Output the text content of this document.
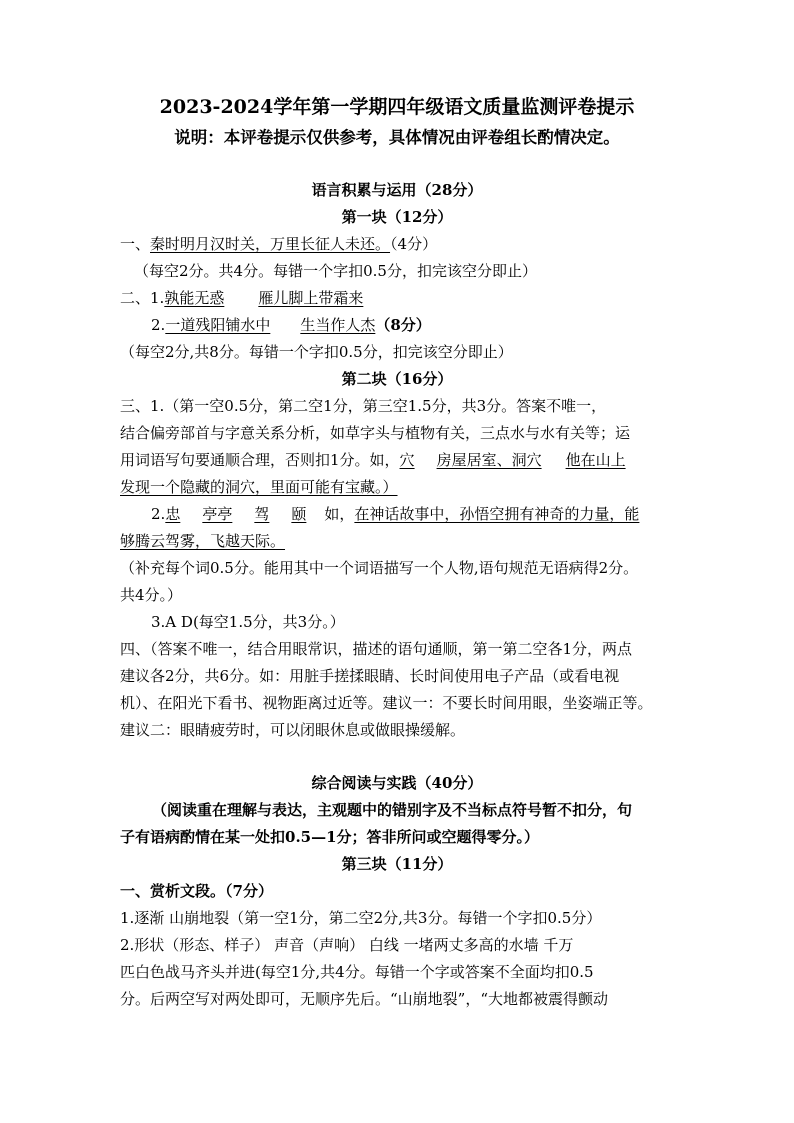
2023-2024学年第一学期四年级语文质量监测评卷提示
说明：本评卷提示仅供参考，具体情况由评卷组长酌情决定。
语言积累与运用（28分）
第一块（12分）
一、秦时明月汉时关，万里长征人未还。（4分）
（每空2分。共4分。每错一个字扣0.5分，扣完该空分即止）
二、1.孰能无惑 雁儿脚上带霜来
2.一道残阳铺水中 生当作人杰（8分）
（每空2分,共8分。每错一个字扣0.5分，扣完该空分即止）
第二块（16分）
三、1.（第一空0.5分，第二空1分，第三空1.5分，共3分。答案不唯一，
结合偏旁部首与字意关系分析，如草字头与植物有关，三点水与水有关等；运
用词语写句要通顺合理，否则扣1分。如，穴 房屋居室、洞穴 他在山上
发现一个隐藏的洞穴，里面可能有宝藏。）
2.忠 亭亭 驾 颐 如，在神话故事中，孙悟空拥有神奇的力量，能
够腾云驾雾，飞越天际。
（补充每个词0.5分。能用其中一个词语描写一个人物,语句规范无语病得2分。
共4分。）
3.A D(每空1.5分，共3分。）
四、（答案不唯一，结合用眼常识，描述的语句通顺，第一第二空各1分，两点
建议各2分，共6分。如：用脏手搓揉眼睛、长时间使用电子产品（或看电视
机）、在阳光下看书、视物距离过近等。建议一：不要长时间用眼，坐姿端正等。
建议二：眼睛疲劳时，可以闭眼休息或做眼操缓解。
综合阅读与实践（40分）
（阅读重在理解与表达，主观题中的错别字及不当标点符号暂不扣分，句
子有语病酌情在某一处扣0.5—1分；答非所问或空题得零分。）
第三块（11分）
一、赏析文段。（7分）
1.逐渐 山崩地裂（第一空1分，第二空2分,共3分。每错一个字扣0.5分）
2.形状（形态、样子） 声音（声响） 白线 一堵两丈多高的水墙 千万
匹白色战马齐头并进(每空1分,共4分。每错一个字或答案不全面均扣0.5
分。后两空写对两处即可，无顺序先后。“山崩地裂”，“大地都被震得颤动
